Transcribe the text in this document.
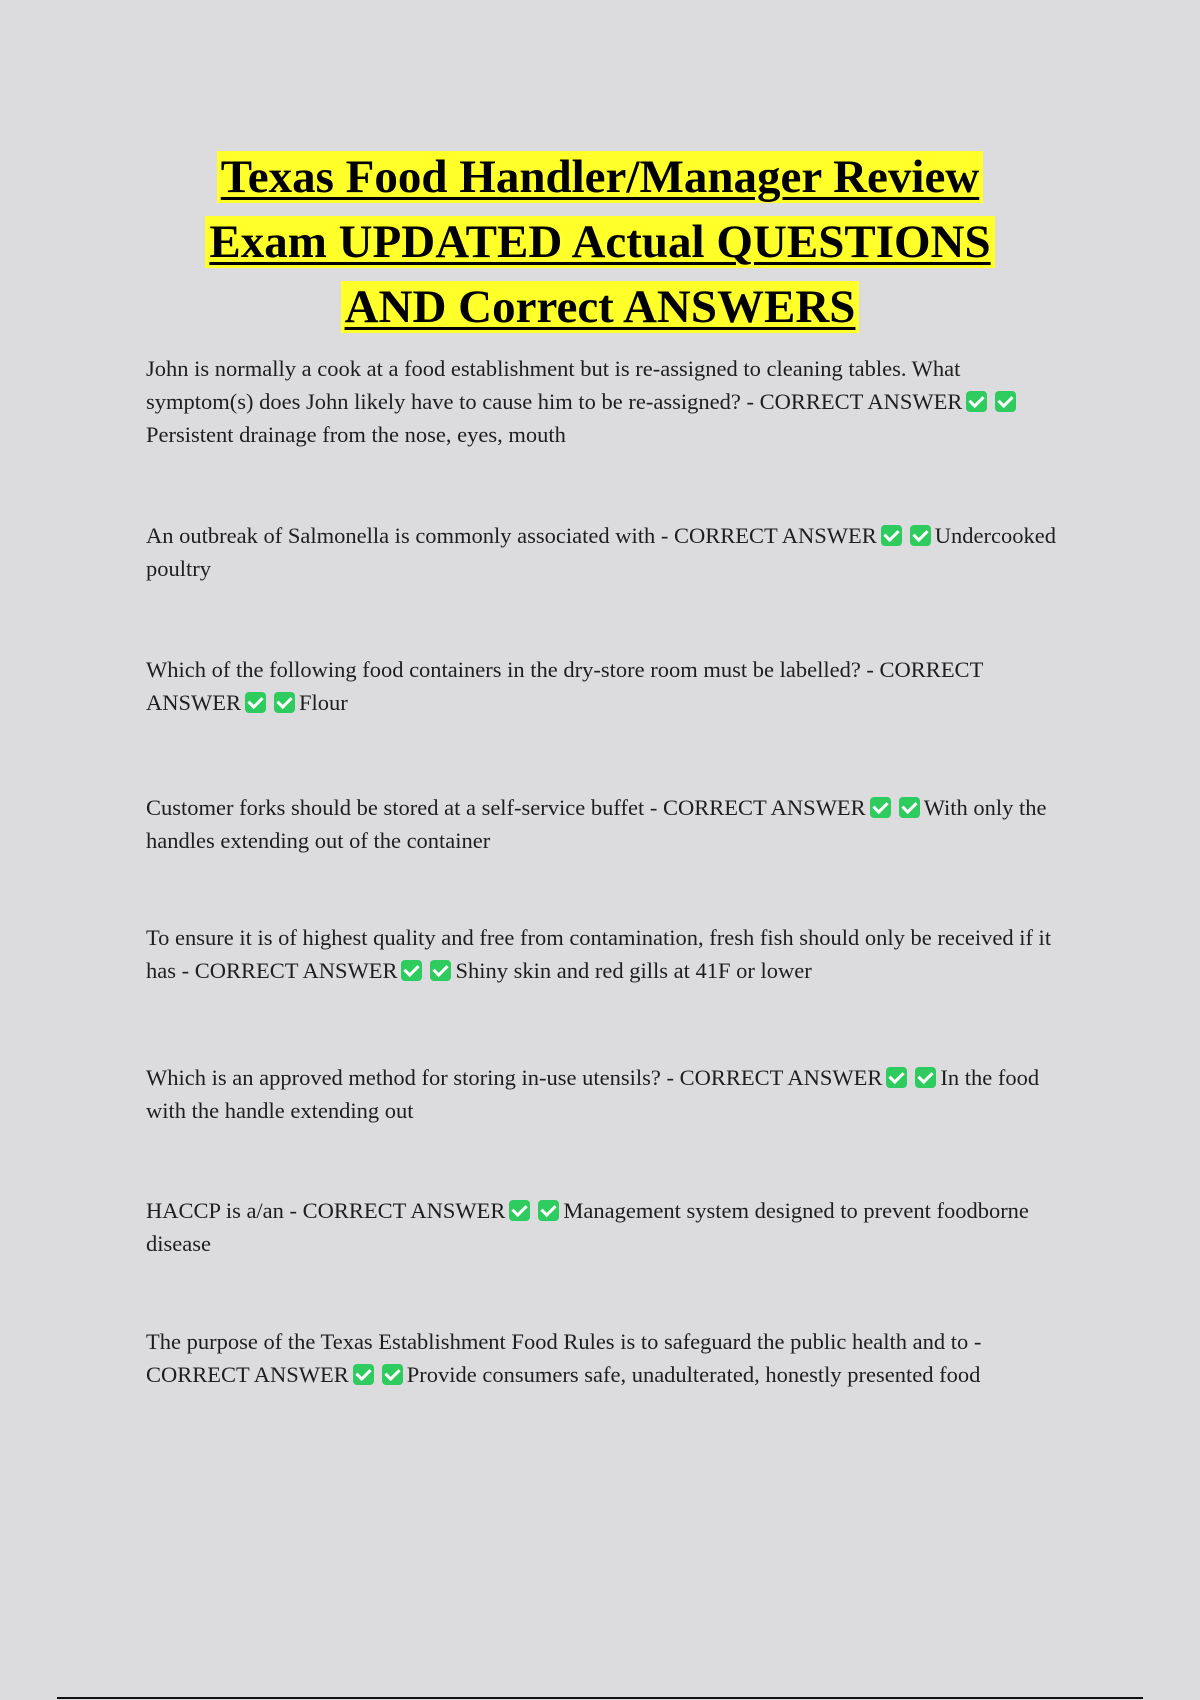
Texas Food Handler/Manager Review

Exam UPDATED Actual QUESTIONS

AND Correct ANSWERS

John is normally a cook at a food establishment but is re-assigned to cleaning tables. What symptom(s) does John likely have to cause him to be re-assigned? - CORRECT ANSWERPersistent drainage from the nose, eyes, mouth

An outbreak of Salmonella is commonly associated with - CORRECT ANSWER	Undercooked poultry

Which of the following food containers in the dry-store room must be labelled? - CORRECT ANSWER	Flour

Customer forks should be stored at a self-service buffet - CORRECT ANSWER	With only the handles extending out of the container

To ensure it is of highest quality and free from contamination, fresh fish should only be received if it has - CORRECT ANSWER	Shiny skin and red gills at 41F or lower

Which is an approved method for storing in-use utensils? - CORRECT ANSWER	In the food with the handle extending out

HACCP is a/an - CORRECT ANSWER	Management system designed to prevent foodborne disease

The purpose of the Texas Establishment Food Rules is to safeguard the public health and to - CORRECT ANSWER	Provide consumers safe, unadulterated, honestly presented food
